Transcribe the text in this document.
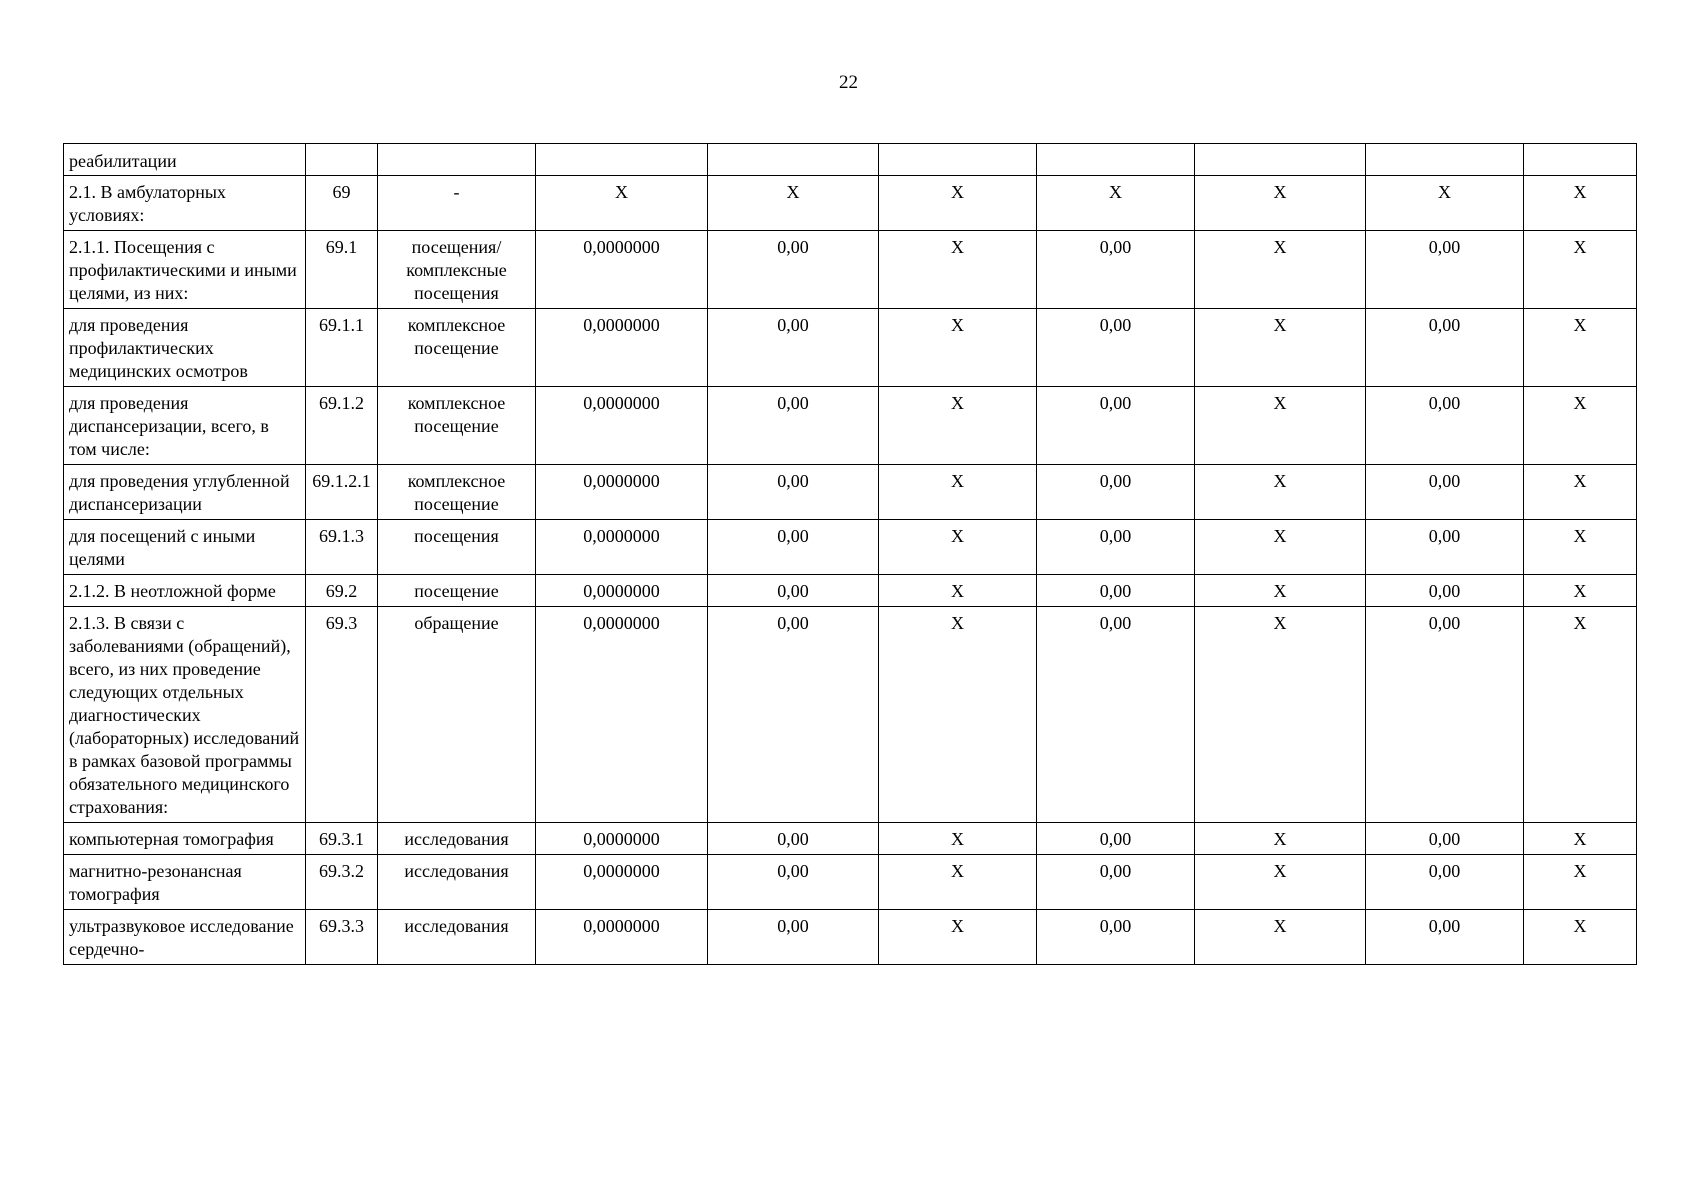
22
реабилитации									
2.1. В амбулаторных условиях:	69	-	X	X	X	X	X	X	X
2.1.1. Посещения с профилактическими и иными целями, из них:	69.1	посещения/ комплексные посещения	0,0000000	0,00	X	0,00	X	0,00	X
для проведения профилактических медицинских осмотров	69.1.1	комплексное посещение	0,0000000	0,00	X	0,00	X	0,00	X
для проведения диспансеризации, всего, в том числе:	69.1.2	комплексное посещение	0,0000000	0,00	X	0,00	X	0,00	X
для проведения углубленной диспансеризации	69.1.2.1	комплексное посещение	0,0000000	0,00	X	0,00	X	0,00	X
для посещений с иными целями	69.1.3	посещения	0,0000000	0,00	X	0,00	X	0,00	X
2.1.2. В неотложной форме	69.2	посещение	0,0000000	0,00	X	0,00	X	0,00	X
2.1.3. В связи с заболеваниями (обращений), всего, из них проведение следующих отдельных диагностических (лабораторных) исследований в рамках базовой программы обязательного медицинского страхования:	69.3	обращение	0,0000000	0,00	X	0,00	X	0,00	X
компьютерная томография	69.3.1	исследования	0,0000000	0,00	X	0,00	X	0,00	X
магнитно-резонансная томография	69.3.2	исследования	0,0000000	0,00	X	0,00	X	0,00	X
ультразвуковое исследование сердечно-	69.3.3	исследования	0,0000000	0,00	X	0,00	X	0,00	X
